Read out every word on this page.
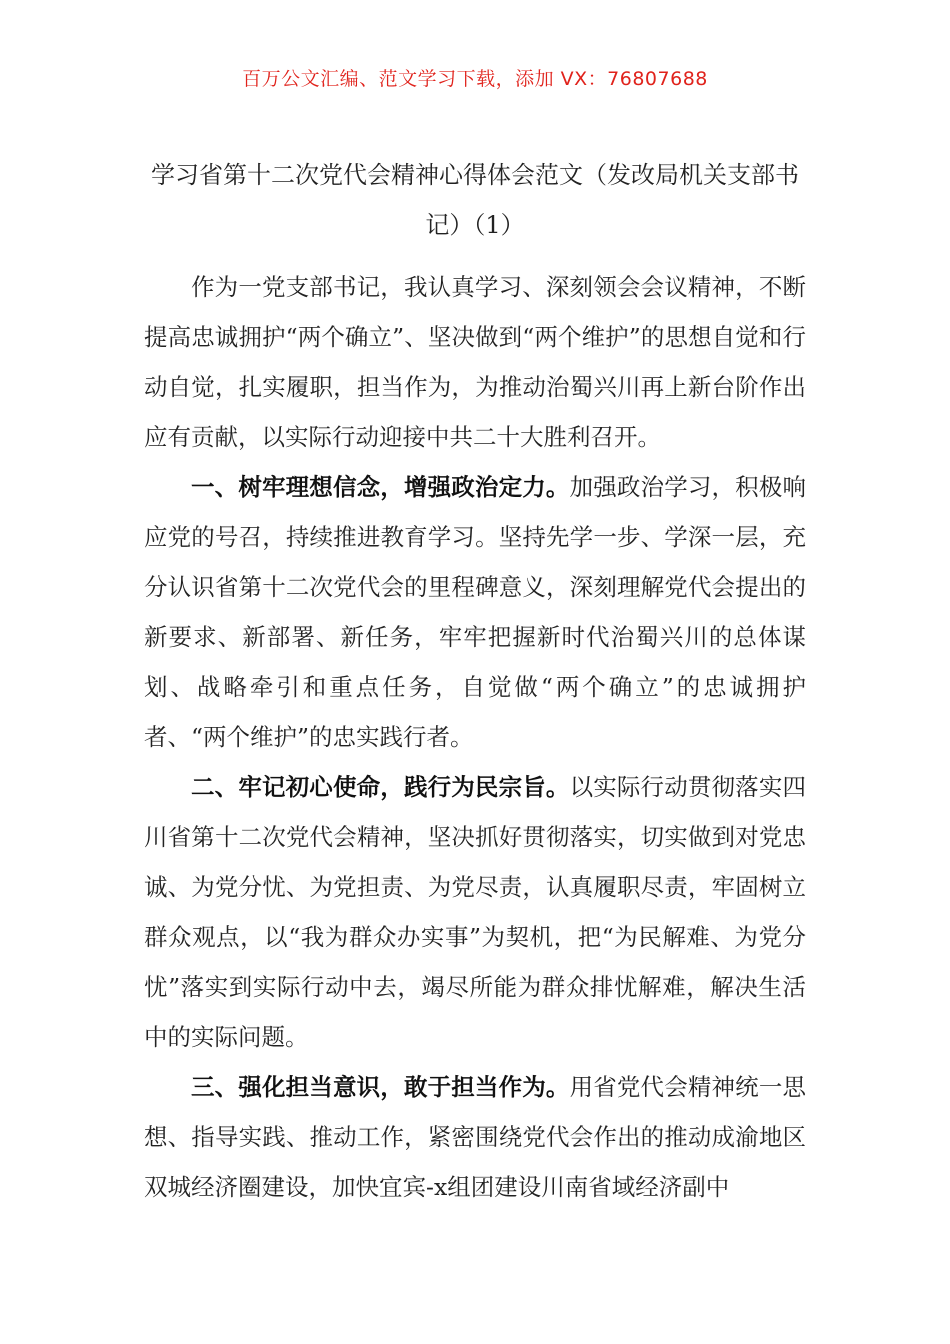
百万公文汇编、范文学习下载，添加 VX：76807688
学习省第十二次党代会精神心得体会范文（发改局机关支部书记）（1）

作为一党支部书记，我认真学习、深刻领会会议精神，不断提高忠诚拥护“两个确立”、坚决做到“两个维护”的思想自觉和行动自觉，扎实履职，担当作为，为推动治蜀兴川再上新台阶作出应有贡献，以实际行动迎接中共二十大胜利召开。

一、树牢理想信念，增强政治定力。加强政治学习，积极响应党的号召，持续推进教育学习。坚持先学一步、学深一层，充分认识省第十二次党代会的里程碑意义，深刻理解党代会提出的新要求、新部署、新任务，牢牢把握新时代治蜀兴川的总体谋划、战略牵引和重点任务，自觉做“两个确立”的忠诚拥护者、“两个维护”的忠实践行者。

二、牢记初心使命，践行为民宗旨。以实际行动贯彻落实四川省第十二次党代会精神，坚决抓好贯彻落实，切实做到对党忠诚、为党分忧、为党担责、为党尽责，认真履职尽责，牢固树立群众观点，以“我为群众办实事”为契机，把“为民解难、为党分忧”落实到实际行动中去，竭尽所能为群众排忧解难，解决生活中的实际问题。

三、强化担当意识，敢于担当作为。用省党代会精神统一思想、指导实践、推动工作，紧密围绕党代会作出的推动成渝地区双城经济圈建设，加快宜宾-x组团建设川南省域经济副中
